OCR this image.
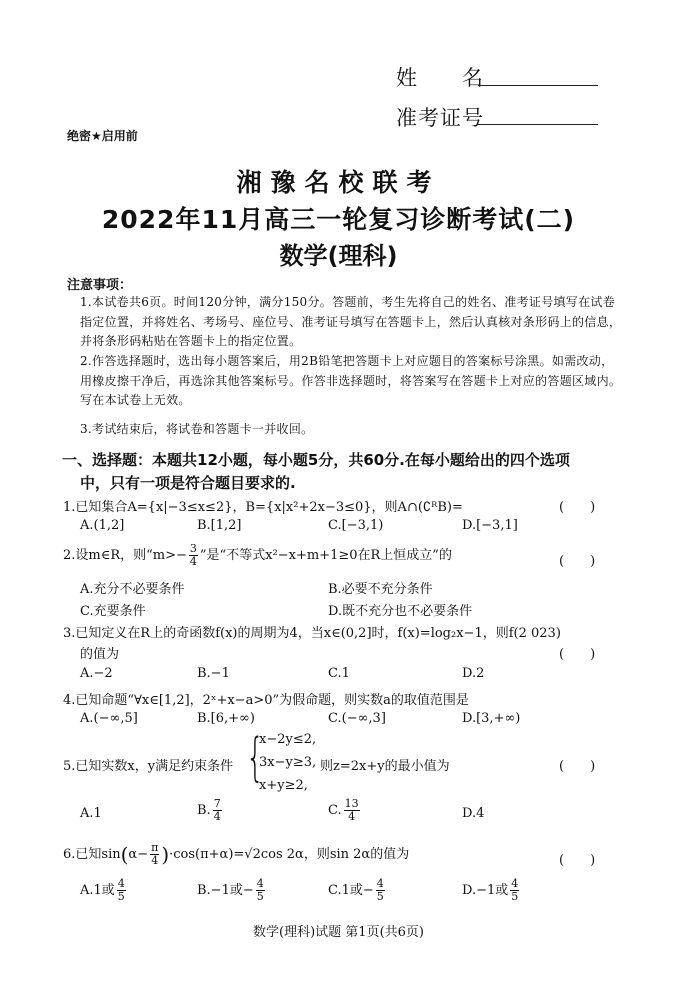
姓　　名
准考证号
绝密★启用前
湘豫名校联考
2022年11月高三一轮复习诊断考试(二)
数学(理科)
注意事项：
1.本试卷共6页。时间120分钟，满分150分。答题前，考生先将自己的姓名、准考证号填写在试卷指定位置，并将姓名、考场号、座位号、准考证号填写在答题卡上，然后认真核对条形码上的信息，并将条形码粘贴在答题卡上的指定位置。
2.作答选择题时，选出每小题答案后，用2B铅笔把答题卡上对应题目的答案标号涂黑。如需改动，用橡皮擦干净后，再选涂其他答案标号。作答非选择题时，将答案写在答题卡上对应的答题区域内。写在本试卷上无效。
3.考试结束后，将试卷和答题卡一并收回。
一、选择题：本题共12小题，每小题5分，共60分.在每小题给出的四个选项
中，只有一项是符合题目要求的.
1.已知集合A={x|−3≤x≤2}，B={x|x²+2x−3≤0}，则A∩(∁ᴿB)=	(　　)
A.(1,2]	B.[1,2]	C.[−3,1)	D.[−3,1]
2.设m∈R，则“$m>- \frac{3}{4}$ ”是“不等式x²−x+m+1≥0在R上恒成立”的	(　　)
A.充分不必要条件	B.必要不充分条件
C.充要条件	D.既不充分也不必要条件
3.已知定义在R上的奇函数f(x)的周期为4，当x∈(0,2]时，f(x)=log₂x−1，则f(2 023)
的值为	(　　)
A.−2	B.−1	C.1	D.2
4.已知命题“∀x∈[1,2]，2ˣ+x−a>0”为假命题，则实数a的取值范围是
A.(−∞,5]	B.[6,+∞)	C.(−∞,3]	D.[3,+∞)
5.已知实数x，y满足约束条件 {
x−2y≤2,
3x−y≥3,
x+y≥2,
则z=2x+y的最小值为	(　　)
A.1	B. $\frac{7}{4}$	C. $\frac{13}{4}$	D.4
6.已知$\sin(\alpha- \frac{\pi}{4} )\cdot\cos(\pi+\alpha)=√2\cos$ 2α，则sin 2α的值为	(　　)
A.1或 $\frac{4}{5}$	B.−1或− $\frac{4}{5}$	C.1或− $\frac{4}{5}$	D.−1或 $\frac{4}{5}$
数学(理科)试题 第1页(共6页)
